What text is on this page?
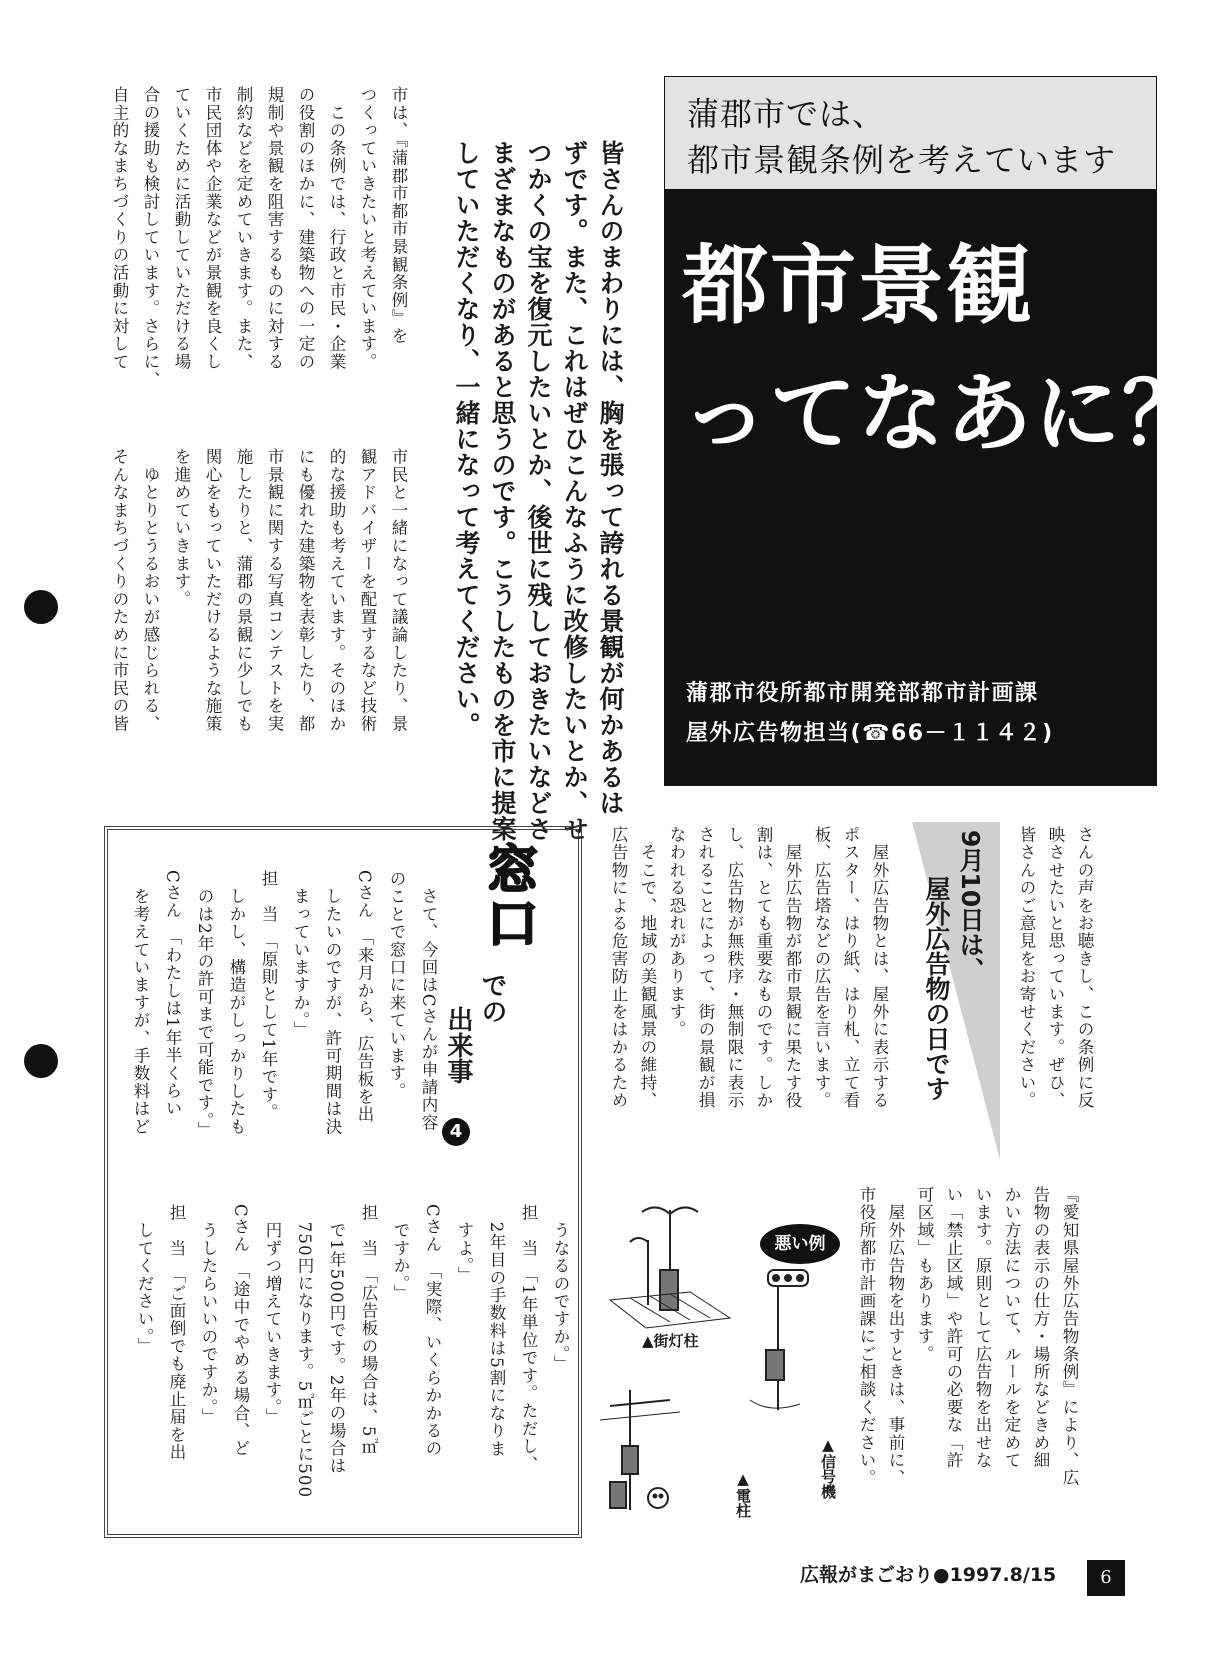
市は、『蒲郡市都市景観条例』を
つくっていきたいと考えています。
　この条例では、行政と市民・企業
の役割のほかに、建築物への一定の
規制や景観を阻害するものに対する
制約などを定めていきます。また、
市民団体や企業などが景観を良くし
ていくために活動していただける場
合の援助も検討しています。さらに、
自主的なまちづくりの活動に対して
市民と一緒になって議論したり、景
観アドバイザーを配置するなど技術
的な援助も考えています。そのほか
にも優れた建築物を表彰したり、都
市景観に関する写真コンテストを実
施したりと、蒲郡の景観に少しでも
関心をもっていただけるような施策
を進めていきます。
　ゆとりとうるおいが感じられる、
そんなまちづくりのために市民の皆	皆さんのまわりには、胸を張って誇れる景観が何かあるは
ずです。また、これはぜひこんなふうに改修したいとか、せ
つかくの宝を復元したいとか、後世に残しておきたいなどさ
まざまなものがあると思うのです。こうしたものを市に提案
していただくなり、一緒になって考えてください。	都市景観
ってなあに？
蒲郡市役所都市開発部都市計画課
屋外広告物担当(☎66－１１４２)
蒲郡市では、
都市景観条例を考えています
窓口
での
出来事
4
　さて、今回はCさんが申請内容
のことで窓口に来ています。
Cさん　「来月から、広告板を出
　したいのですが、許可期間は決
　まっていますか。」
担　当　「原則として1年です。
　しかし、構造がしっかりしたも
　のは2年の許可まで可能です。」
Cさん　「わたしは1年半くらい
　を考えていますが、手数料はど
　うなるのですか。」
担　当　「1年単位です。ただし、
　2年目の手数料は5割になりま
　すよ。」
Cさん　「実際、いくらかかるの
　ですか。」
担　当　「広告板の場合は、5㎡
　で1年500円です。2年の場合は
　750円になります。5㎡ごとに500
　円ずつ増えていきます。」
Cさん　「途中でやめる場合、ど
　うしたらいいのですか。」
担　当　「ご面倒でも廃止届を出
　してください。」
さんの声をお聴きし、この条例に反
映させたいと思っています。ぜひ、
皆さんのご意見をお寄せください。
9月10日は、
屋外広告物の日です
　屋外広告物とは、屋外に表示する
ポスター、はり紙、はり札、立て看
板、広告塔などの広告を言います。
　屋外広告物が都市景観に果たす役
割は、とても重要なものです。しか
し、広告物が無秩序・無制限に表示
されることによって、街の景観が損
なわれる恐れがあります。
　そこで、地域の美観風景の維持、
広告物による危害防止をはかるため
『愛知県屋外広告物条例』により、広
告物の表示の仕方・場所などきめ細
かい方法について、ルールを定めて
います。原則として広告物を出せな
い「禁止区域」や許可の必要な「許
可区域」もあります。
　屋外広告物を出すときは、事前に、
市役所都市計画課にご相談ください。
悪い例
▲街灯柱
▲信号機
▲電柱
広報がまごおり●1997.8/15	6
